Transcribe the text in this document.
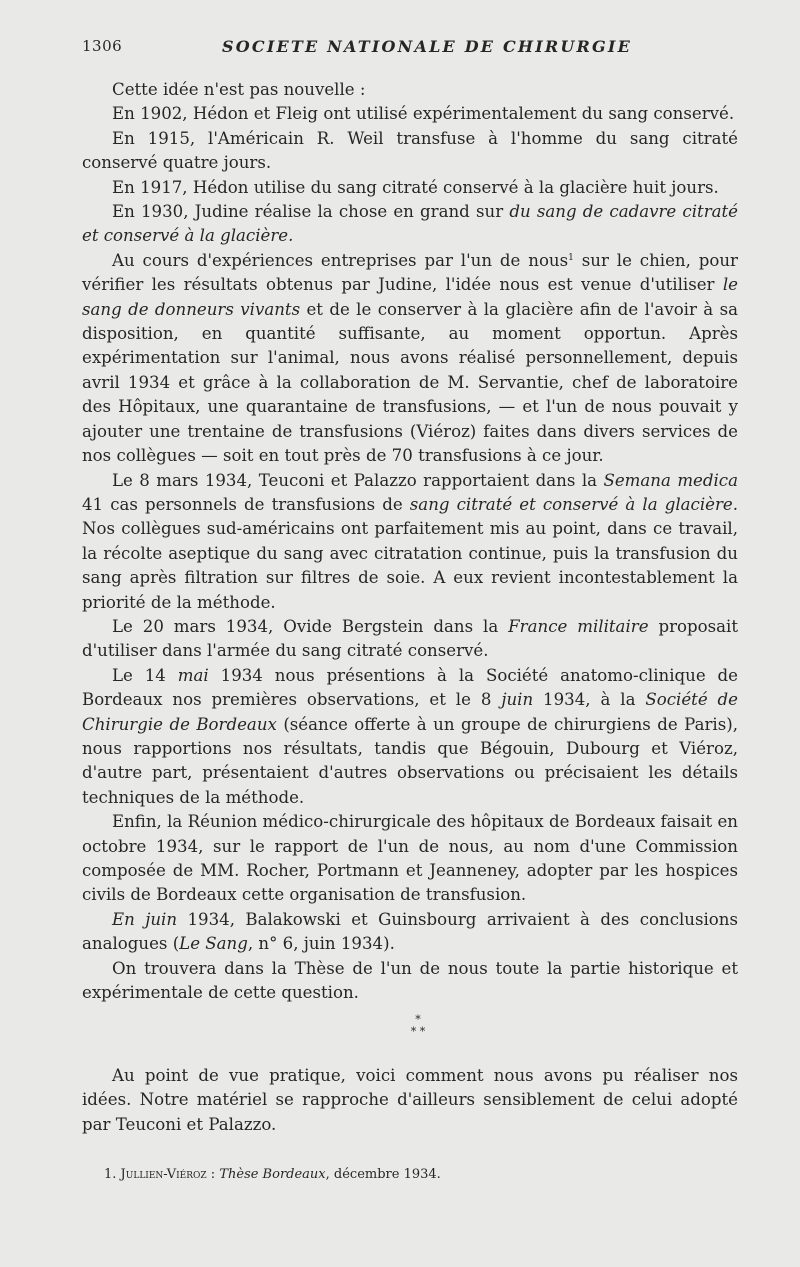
1306	SOCIETE NATIONALE DE CHIRURGIE

Cette idée n'est pas nouvelle :

En 1902, Hédon et Fleig ont utilisé expérimentalement du sang conservé.

En 1915, l'Américain R. Weil transfuse à l'homme du sang citraté conservé quatre jours.

En 1917, Hédon utilise du sang citraté conservé à la glacière huit jours.

En 1930, Judine réalise la chose en grand sur du sang de cadavre citraté et conservé à la glacière.

Au cours d'expériences entreprises par l'un de nous$^1$ sur le chien, pour vérifier les résultats obtenus par Judine, l'idée nous est venue d'utiliser le sang de donneurs vivants et de le conserver à la glacière afin de l'avoir à sa disposition, en quantité suffisante, au moment opportun. Après expérimentation sur l'animal, nous avons réalisé personnellement, depuis avril 1934 et grâce à la collaboration de M. Servantie, chef de laboratoire des Hôpitaux, une quarantaine de transfusions, — et l'un de nous pouvait y ajouter une trentaine de transfusions (Viéroz) faites dans divers services de nos collègues — soit en tout près de 70 transfusions à ce jour.

Le 8 mars 1934, Teuconi et Palazzo rapportaient dans la Semana medica 41 cas personnels de transfusions de sang citraté et conservé à la glacière. Nos collègues sud-américains ont parfaitement mis au point, dans ce travail, la récolte aseptique du sang avec citratation continue, puis la transfusion du sang après filtration sur filtres de soie. A eux revient incontestablement la priorité de la méthode.

Le 20 mars 1934, Ovide Bergstein dans la France militaire proposait d'utiliser dans l'armée du sang citraté conservé.

Le 14 mai 1934 nous présentions à la Société anatomo-clinique de Bordeaux nos premières observations, et le 8 juin 1934, à la Société de Chirurgie de Bordeaux (séance offerte à un groupe de chirurgiens de Paris), nous rapportions nos résultats, tandis que Bégouin, Dubourg et Viéroz, d'autre part, présentaient d'autres observations ou précisaient les détails techniques de la méthode.

Enfin, la Réunion médico-chirurgicale des hôpitaux de Bordeaux faisait en octobre 1934, sur le rapport de l'un de nous, au nom d'une Commission composée de MM. Rocher, Portmann et Jeanneney, adopter par les hospices civils de Bordeaux cette organisation de transfusion.

En juin 1934, Balakowski et Guinsbourg arrivaient à des conclusions analogues (Le Sang, n° 6, juin 1934).

On trouvera dans la Thèse de l'un de nous toute la partie historique et expérimentale de cette question.

*
* *

Au point de vue pratique, voici comment nous avons pu réaliser nos idées. Notre matériel se rapproche d'ailleurs sensiblement de celui adopté par Teuconi et Palazzo.

1. Jullien-Viéroz : Thèse Bordeaux, décembre 1934.
